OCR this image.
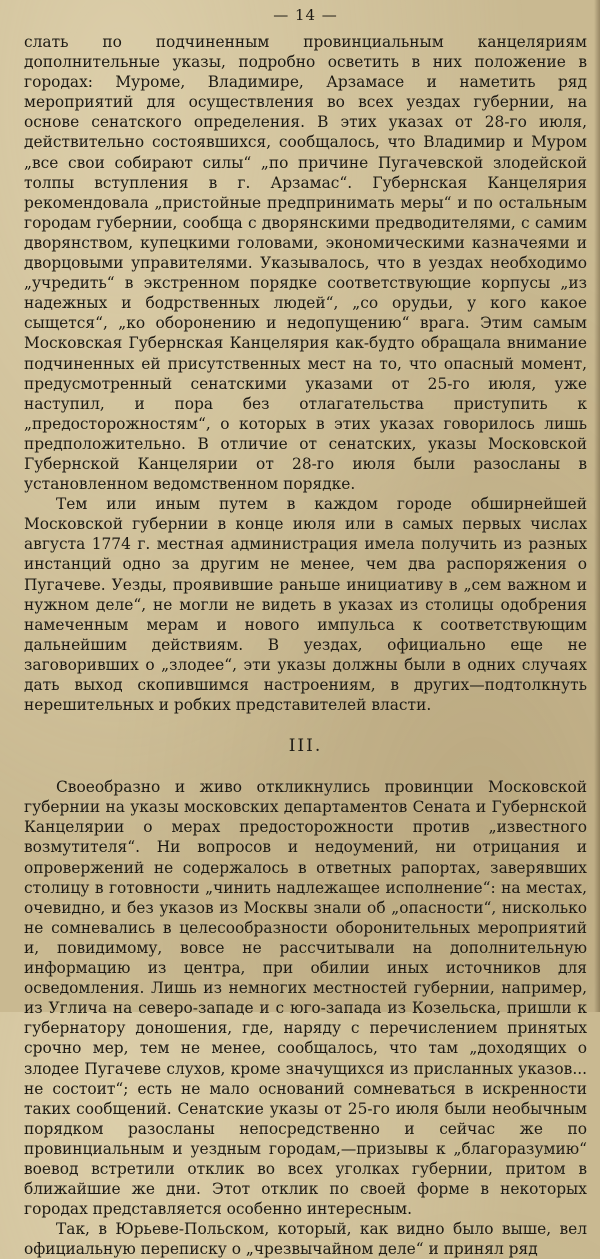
— 14 —

слать по подчиненным провинциальным канцеляриям дополнительные указы, подробно осветить в них положение в городах: Муроме, Владимире, Арзамасе и наметить ряд мероприятий для осуществления во всех уездах губернии, на основе сенатского определения. В этих указах от 28-го июля, действительно состоявшихся, сообщалось, что Владимир и Муром „все свои собирают силы“ „по причине Пугачевской злодейской толпы вступления в г. Арзамас“. Губернская Канцелярия рекомендовала „пристойные предпринимать меры“ и по остальным городам губернии, сообща с дворянскими предводителями, с самим дворянством, купецкими головами, экономическими казначеями и дворцовыми управителями. Указывалось, что в уездах необходимо „учредить“ в экстренном порядке соответствующие корпусы „из надежных и бодрственных людей“, „со орудьи, у кого какое сыщется“, „ко оборонению и недопущению“ врага. Этим самым Московская Губернская Канцелярия как-будто обращала внимание подчиненных ей присутственных мест на то, что опасный момент, предусмотренный сенатскими указами от 25-го июля, уже наступил, и пора без отлагательства приступить к „предосторожностям“, о которых в этих указах говорилось лишь предположительно. В отличие от сенатских, указы Московской Губернской Канцелярии от 28-го июля были разосланы в установленном ведомственном порядке.

Тем или иным путем в каждом городе обширнейшей Московской губернии в конце июля или в самых первых числах августа 1774 г. местная администрация имела получить из разных инстанций одно за другим не менее, чем два распоряжения о Пугачеве. Уезды, проявившие раньше инициативу в „сем важном и нужном деле“, не могли не видеть в указах из столицы одобрения намеченным мерам и нового импульса к соответствующим дальнейшим действиям. В уездах, официально еще не заговоривших о „злодее“, эти указы должны были в одних случаях дать выход скопившимся настроениям, в других—подтолкнуть нерешительных и робких представителей власти.

III.

Своеобразно и живо откликнулись провинции Московской губернии на указы московских департаментов Сената и Губернской Канцелярии о мерах предосторожности против „известного возмутителя“. Ни вопросов и недоумений, ни отрицания и опровержений не содержалось в ответных рапортах, заверявших столицу в готовности „чинить надлежащее исполнение“: на местах, очевидно, и без указов из Москвы знали об „опасности“, нисколько не сомневались в целесообразности оборонительных мероприятий и, повидимому, вовсе не рассчитывали на дополнительную информацию из центра, при обилии иных источников для осведомления. Лишь из немногих местностей губернии, например, из Углича на северо-западе и с юго-запада из Козельска, пришли к губернатору доношения, где, наряду с перечислением принятых срочно мер, тем не менее, сообщалось, что там „доходящих о злодее Пугачеве слухов, кроме значущихся из присланных указов... не состоит“; есть не мало оснований сомневаться в искренности таких сообщений. Сенатские указы от 25-го июля были необычным порядком разосланы непосредственно и сейчас же по провинциальным и уездным городам,—призывы к „благоразумию“ воевод встретили отклик во всех уголках губернии, притом в ближайшие же дни. Этот отклик по своей форме в некоторых городах представляется особенно интересным.

Так, в Юрьеве-Польском, который, как видно было выше, вел официальную переписку о „чрезвычайном деле“ и принял ряд
